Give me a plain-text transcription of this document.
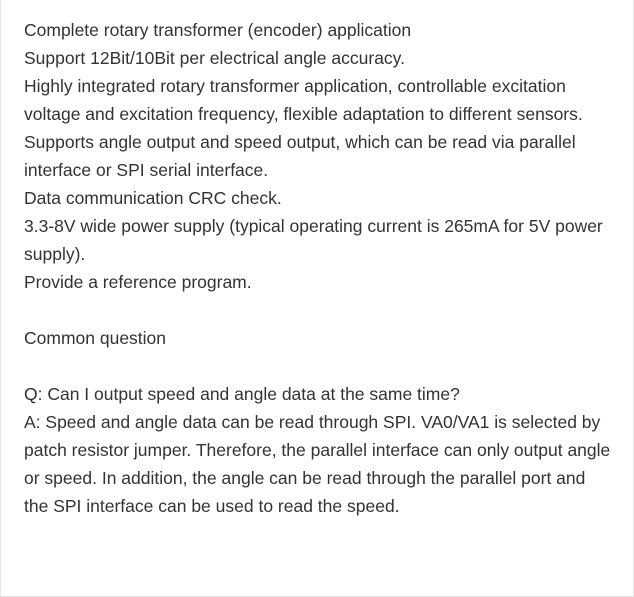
Complete rotary transformer (encoder) application
Support 12Bit/10Bit per electrical angle accuracy.
Highly integrated rotary transformer application, controllable excitation voltage and excitation frequency, flexible adaptation to different sensors.
Supports angle output and speed output, which can be read via parallel interface or SPI serial interface.
Data communication CRC check.
3.3-8V wide power supply (typical operating current is 265mA for 5V power supply).
Provide a reference program.
Common question
Q: Can I output speed and angle data at the same time?
A: Speed and angle data can be read through SPI. VA0/VA1 is selected by patch resistor jumper. Therefore, the parallel interface can only output angle or speed. In addition, the angle can be read through the parallel port and the SPI interface can be used to read the speed.
